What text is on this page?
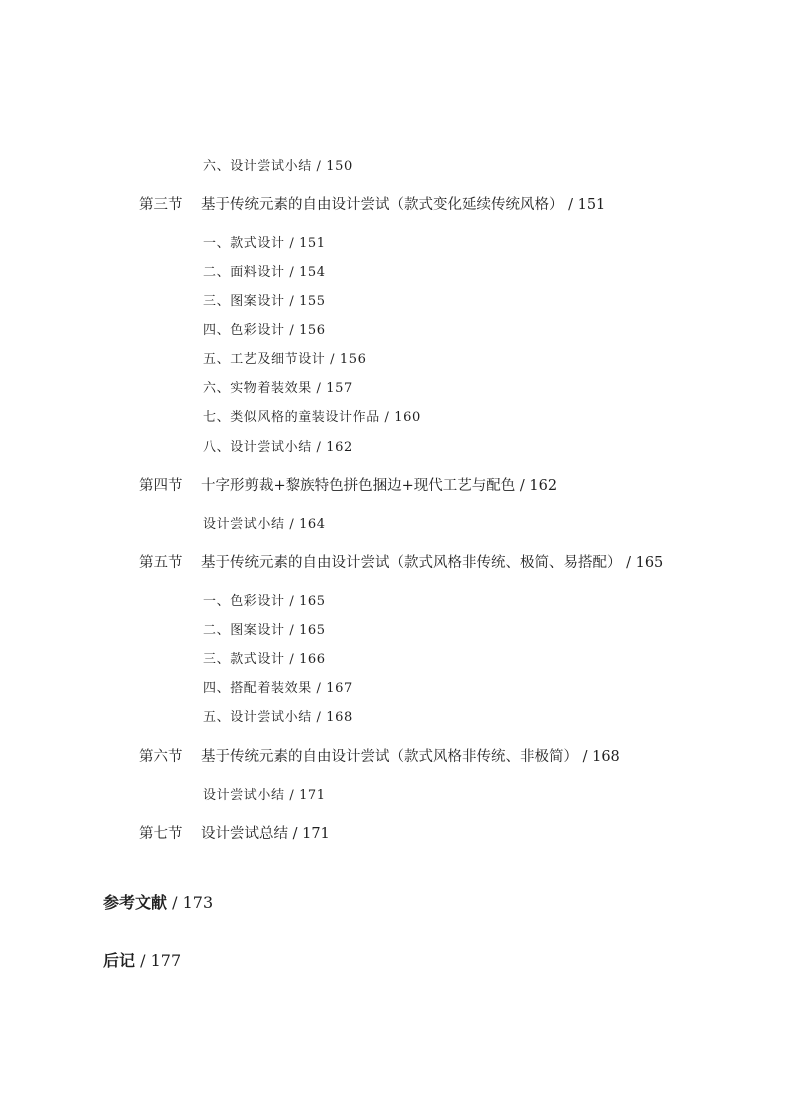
六、设计尝试小结 / 150
第三节 基于传统元素的自由设计尝试（款式变化延续传统风格） / 151
一、款式设计 / 151
二、面料设计 / 154
三、图案设计 / 155
四、色彩设计 / 156
五、工艺及细节设计 / 156
六、实物着装效果 / 157
七、类似风格的童装设计作品 / 160
八、设计尝试小结 / 162
第四节 十字形剪裁+黎族特色拼色捆边+现代工艺与配色 / 162
设计尝试小结 / 164
第五节 基于传统元素的自由设计尝试（款式风格非传统、极简、易搭配） / 165
一、色彩设计 / 165
二、图案设计 / 165
三、款式设计 / 166
四、搭配着装效果 / 167
五、设计尝试小结 / 168
第六节 基于传统元素的自由设计尝试（款式风格非传统、非极简） / 168
设计尝试小结 / 171
第七节 设计尝试总结 / 171
参考文献 / 173
后记 / 177
